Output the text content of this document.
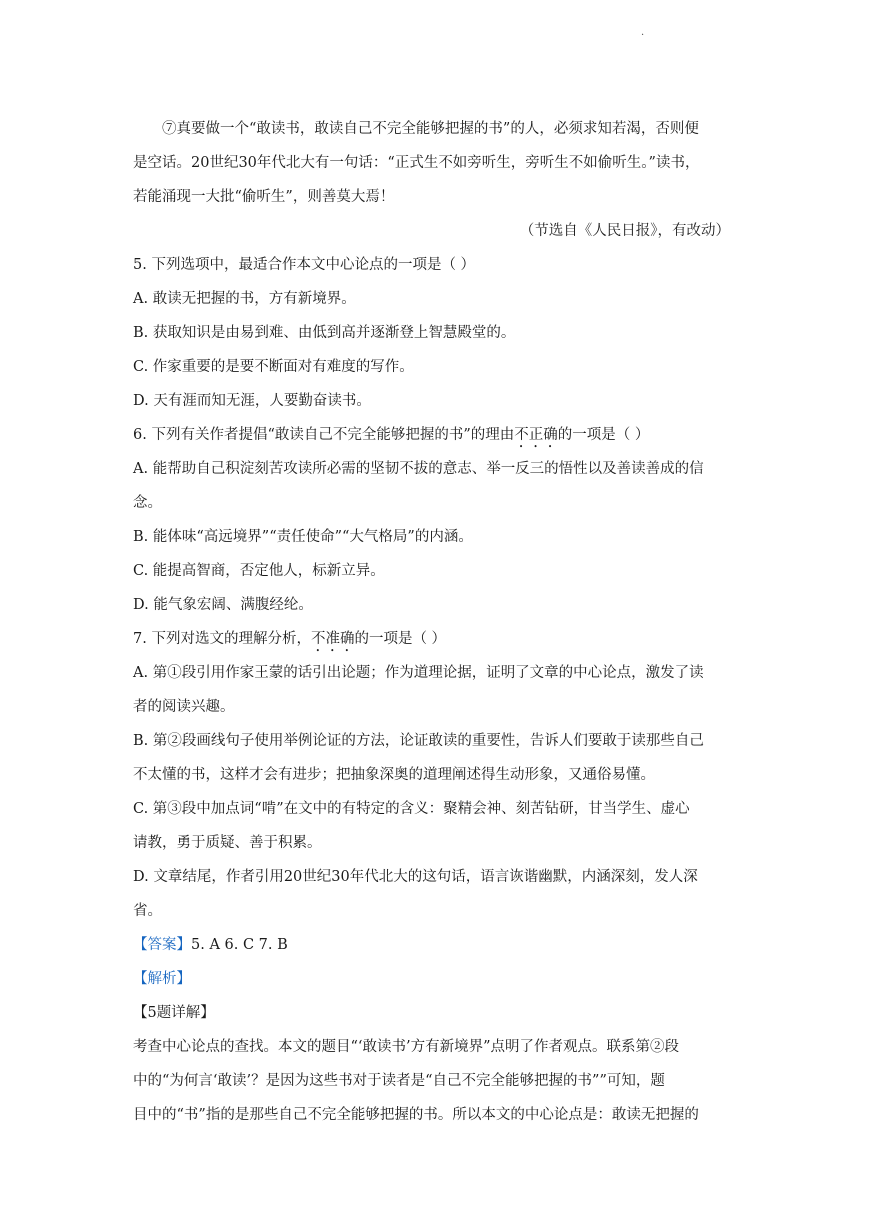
·

⑦真要做一个“敢读书，敢读自己不完全能够把握的书”的人，必须求知若渴，否则便

是空话。20世纪30年代北大有一句话：“正式生不如旁听生，旁听生不如偷听生。”读书，

若能涌现一大批“偷听生”，则善莫大焉！

（节选自《人民日报》，有改动）

5. 下列选项中，最适合作本文中心论点的一项是（ ）

A. 敢读无把握的书，方有新境界。

B. 获取知识是由易到难、由低到高并逐渐登上智慧殿堂的。

C. 作家重要的是要不断面对有难度的写作。

D. 天有涯而知无涯，人要勤奋读书。

6. 下列有关作者提倡“敢读自己不完全能够把握的书”的理由不正确的一项是（ ）

A. 能帮助自己积淀刻苦攻读所必需的坚韧不拔的意志、举一反三的悟性以及善读善成的信

念。

B. 能体味“高远境界”“责任使命”“大气格局”的内涵。

C. 能提高智商，否定他人，标新立异。

D. 能气象宏阔、满腹经纶。

7. 下列对选文的理解分析，不准确的一项是（ ）

A. 第①段引用作家王蒙的话引出论题；作为道理论据，证明了文章的中心论点，激发了读

者的阅读兴趣。

B. 第②段画线句子使用举例论证的方法，论证敢读的重要性，告诉人们要敢于读那些自己

不太懂的书，这样才会有进步；把抽象深奥的道理阐述得生动形象，又通俗易懂。

C. 第③段中加点词“啃”在文中的有特定的含义：聚精会神、刻苦钻研，甘当学生、虚心

请教，勇于质疑、善于积累。

D. 文章结尾，作者引用20世纪30年代北大的这句话，语言诙谐幽默，内涵深刻，发人深

省。

【答案】5. A 6. C 7. B

【解析】

【5题详解】

考查中心论点的查找。本文的题目“‘敢读书’方有新境界”点明了作者观点。联系第②段

中的“为何言‘敢读’？是因为这些书对于读者是“自己不完全能够把握的书””可知，题

目中的“书”指的是那些自己不完全能够把握的书。所以本文的中心论点是：敢读无把握的
